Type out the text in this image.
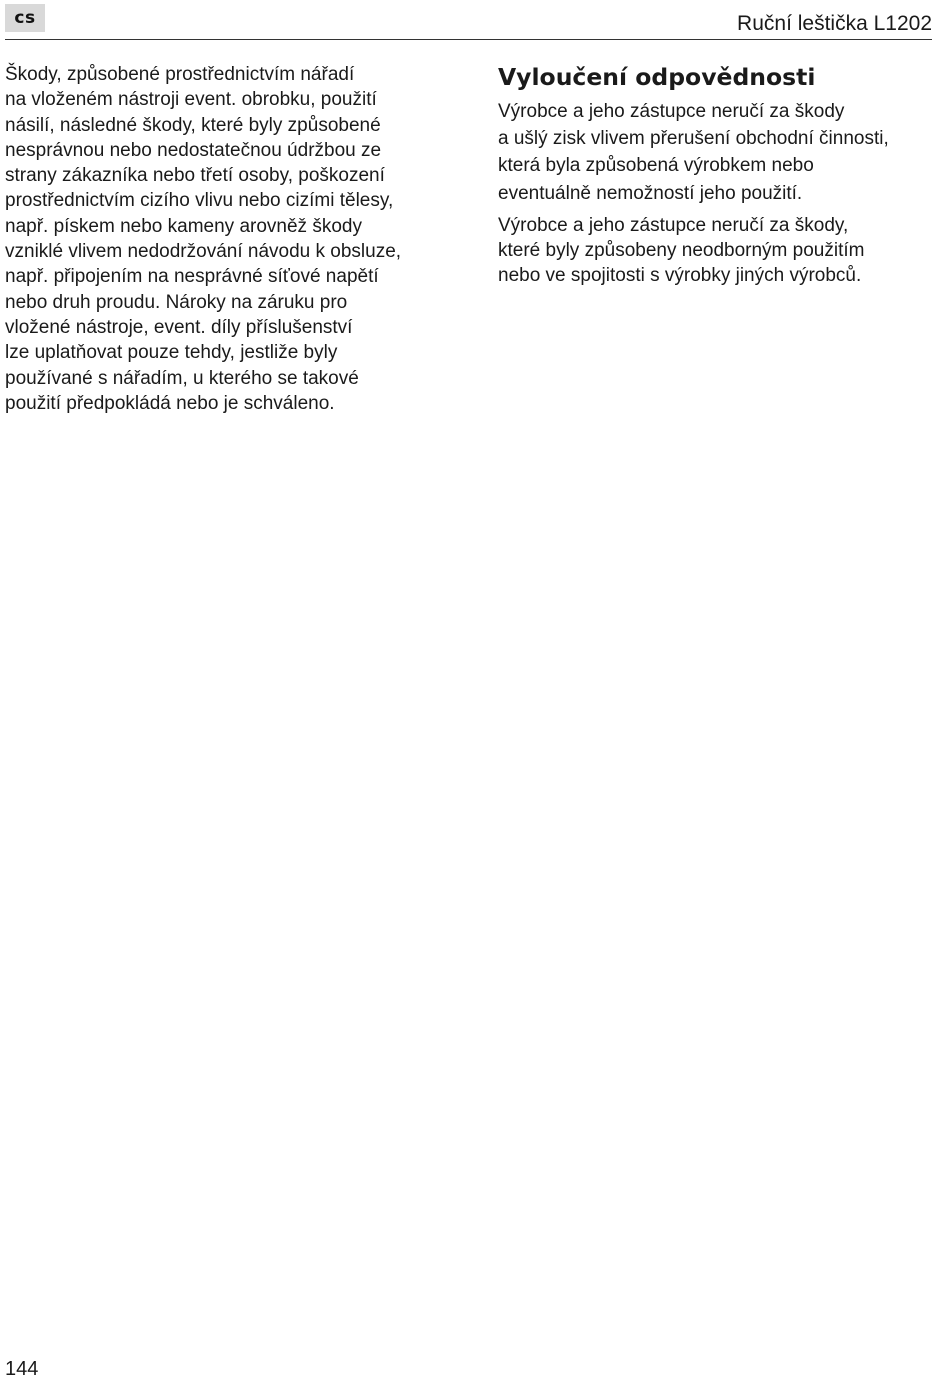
cs	Ruční leštička L1202

Škody, způsobené prostřednictvím nářadí
na vloženém nástroji event. obrobku, použití
násilí, následné škody, které byly způsobené
nesprávnou nebo nedostatečnou údržbou ze
strany zákazníka nebo třetí osoby, poškození
prostřednictvím cizího vlivu nebo cizími tělesy,
např. pískem nebo kameny arovněž škody
vzniklé vlivem nedodržování návodu k obsluze,
např. připojením na nesprávné síťové napětí
nebo druh proudu. Nároky na záruku pro
vložené nástroje, event. díly příslušenství
lze uplatňovat pouze tehdy, jestliže byly
používané s nářadím, u kterého se takové
použití předpokládá nebo je schváleno.

Vyloučení odpovědnosti

Výrobce a jeho zástupce neručí za škody
a ušlý zisk vlivem přerušení obchodní činnosti,
která byla způsobená výrobkem nebo
eventuálně nemožností jeho použití.

Výrobce a jeho zástupce neručí za škody,
které byly způsobeny neodborným použitím
nebo ve spojitosti s výrobky jiných výrobců.

144
